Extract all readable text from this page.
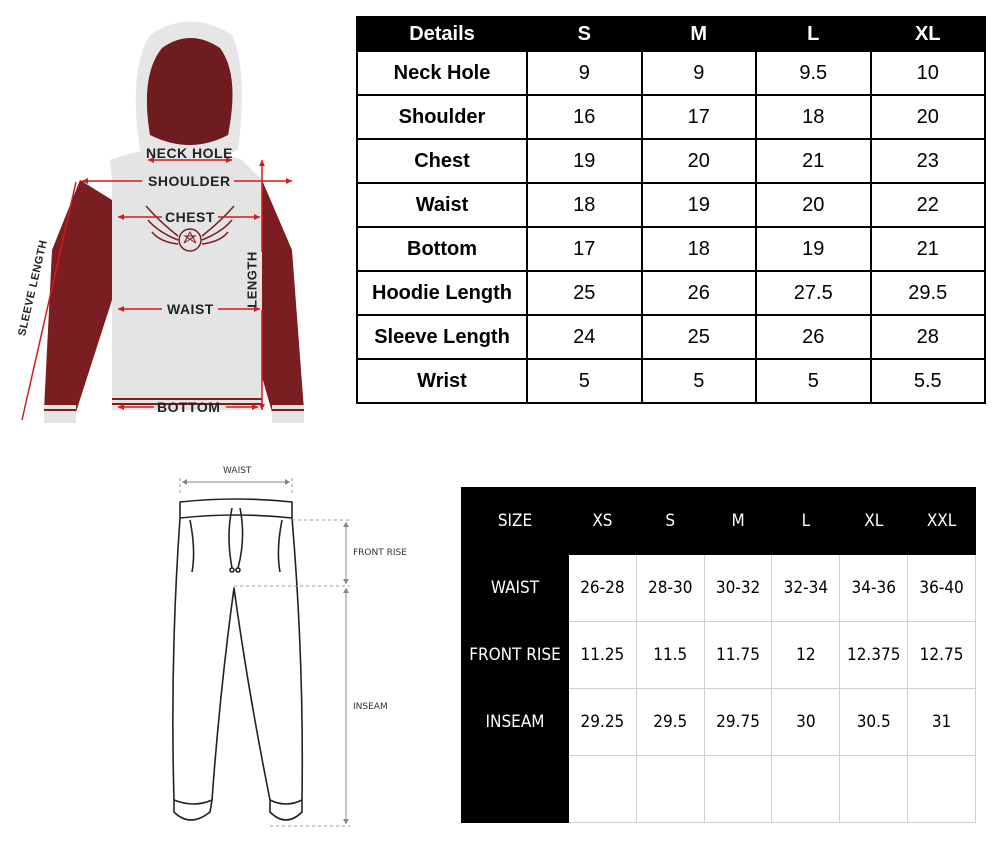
NECK HOLE
SHOULDER
CHEST
WAIST
BOTTOM
LENGTH
SLEEVE LENGTH
Details	S	M	L	XL
Neck Hole	9	9	9.5	10
Shoulder	16	17	18	20
Chest	19	20	21	23
Waist	18	19	20	22
Bottom	17	18	19	21
Hoodie Length	25	26	27.5	29.5
Sleeve Length	24	25	26	28
Wrist	5	5	5	5.5
WAIST
FRONT RISE
INSEAM
SIZE	XS	S	M	L	XL	XXL
WAIST	26-28	28-30	30-32	32-34	34-36	36-40
FRONT RISE	11.25	11.5	11.75	12	12.375	12.75
INSEAM	29.25	29.5	29.75	30	30.5	31
